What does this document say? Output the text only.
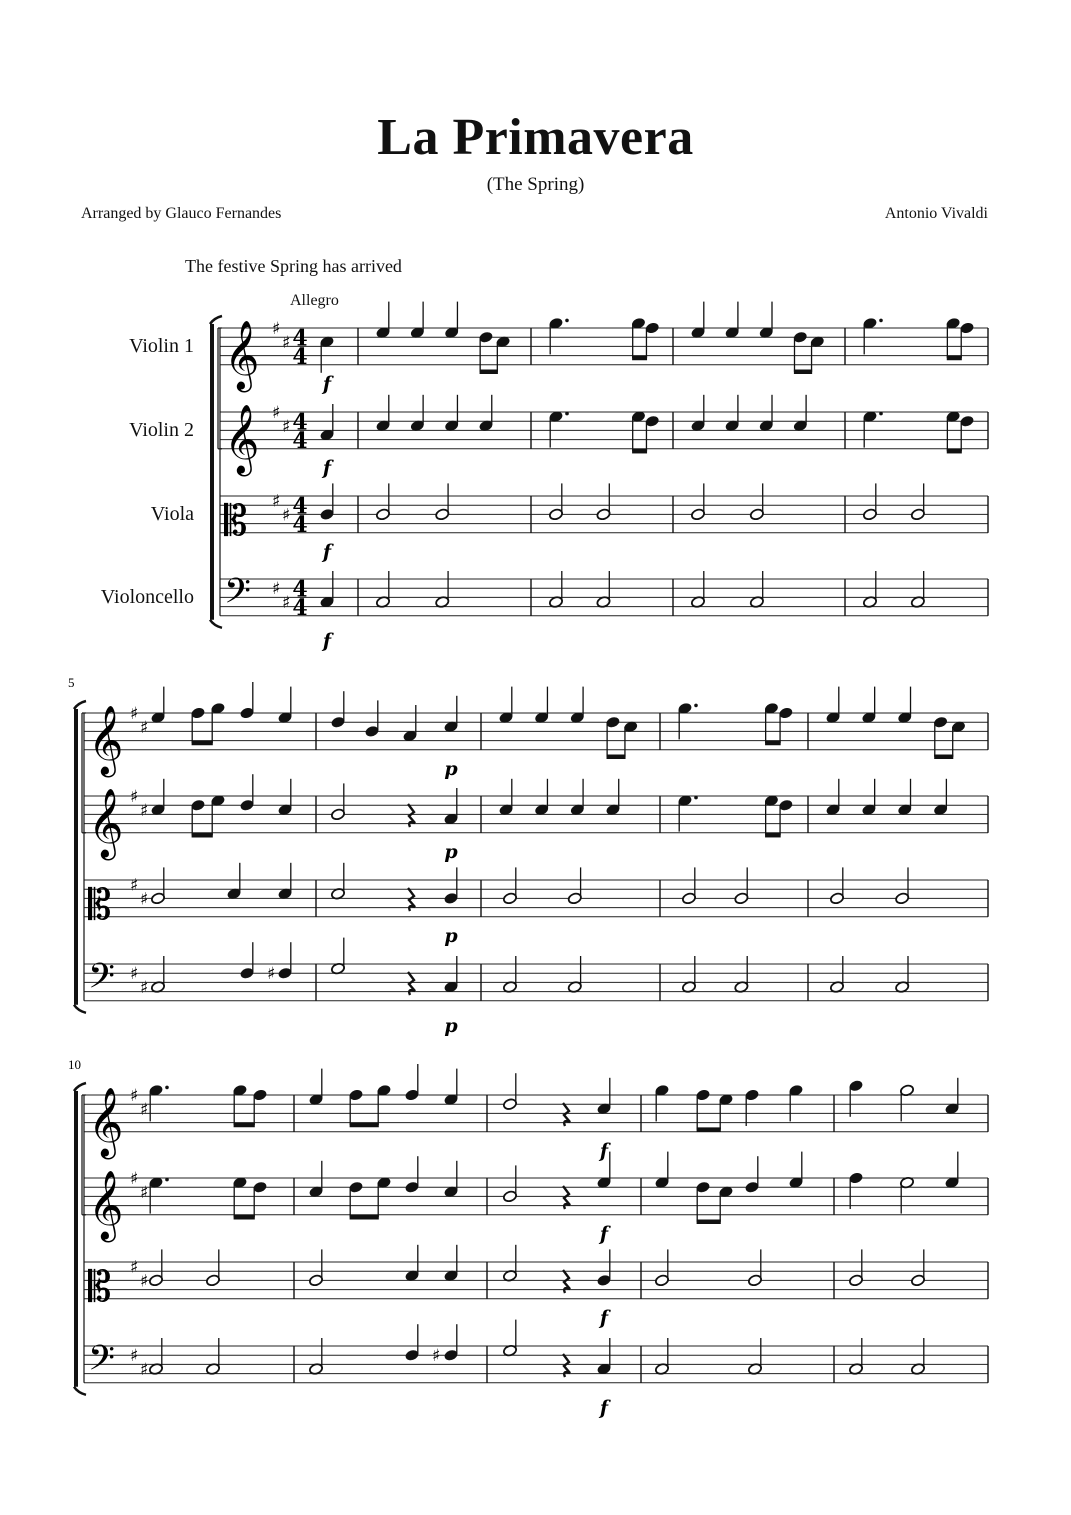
La Primavera
(The Spring)
Arranged by Glauco Fernandes	Antonio Vivaldi
The festive Spring has arrived
Allegro
Violin 1
Violin 2
Viola
Violoncello
𝄞 ♯
♯ 4
4
𝄞 ♯
♯ 4
4
𝄡 ♯
♯ 4
4
𝄢 ♯
♯
4
4
f
f
f
f
5
𝄞 ♯
♯
𝄞 ♯
♯
𝄡 ♯
♯
𝄢 ♯
♯
♯
p
p
p
p
10
𝄞 ♯
♯
𝄞 ♯
♯
𝄡 ♯
♯
𝄢 ♯
♯
♯
f
f
f
f
